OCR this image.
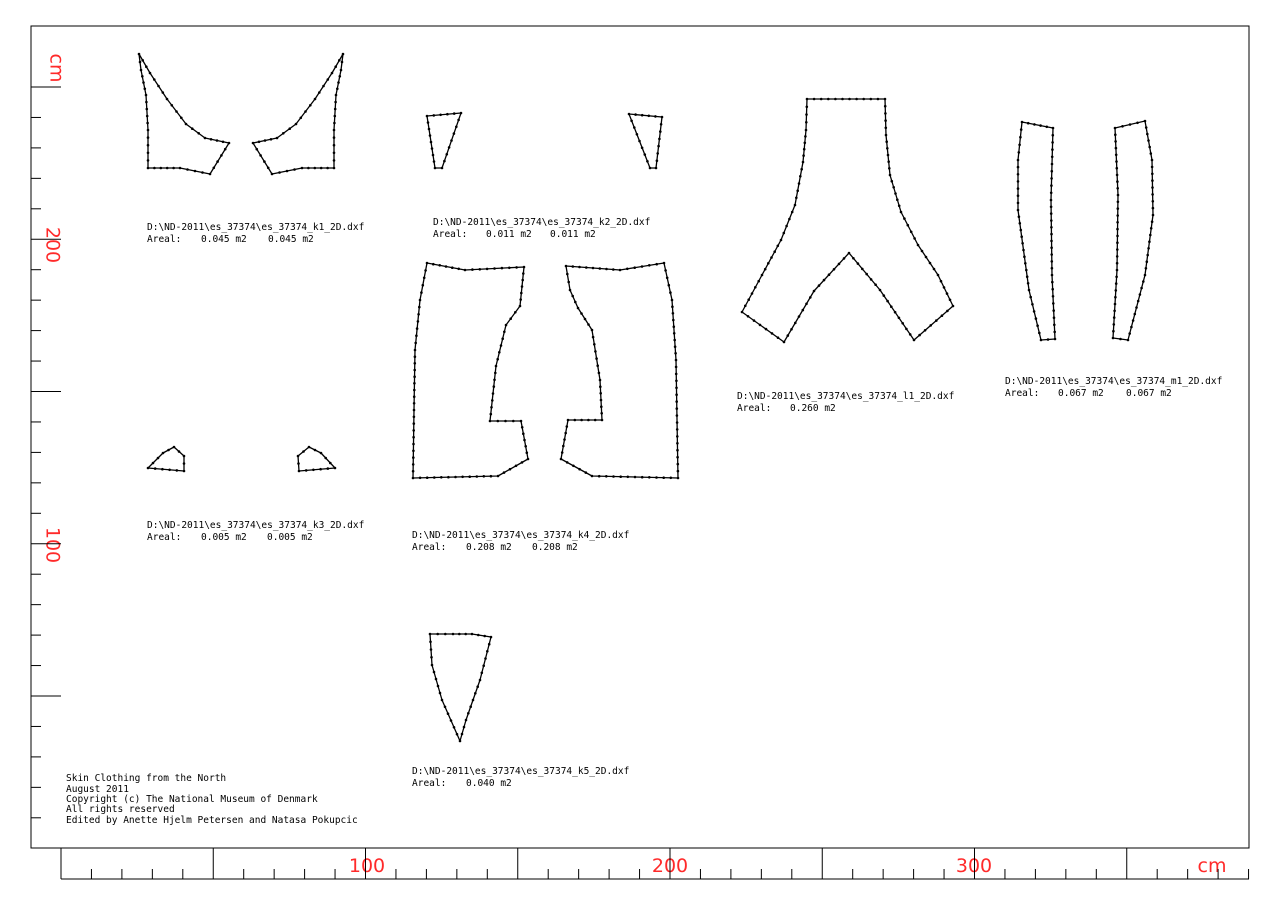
cm
200
100
100	200	300	cm
D:\ND-2011\es_37374\es_37374_k1_2D.dxf
Areal: 0.045 m2 0.045 m2
D:\ND-2011\es_37374\es_37374_k2_2D.dxf
Areal: 0.011 m2 0.011 m2
D:\ND-2011\es_37374\es_37374_l1_2D.dxf
Areal: 0.260 m2
D:\ND-2011\es_37374\es_37374_m1_2D.dxf
Areal: 0.067 m2 0.067 m2
D:\ND-2011\es_37374\es_37374_k3_2D.dxf
Areal: 0.005 m2 0.005 m2	D:\ND-2011\es_37374\es_37374_k4_2D.dxf
Areal: 0.208 m2 0.208 m2
D:\ND-2011\es_37374\es_37374_k5_2D.dxf
Areal: 0.040 m2
Skin Clothing from the North
August 2011
Copyright (c) The National Museum of Denmark
All rights reserved
Edited by Anette Hjelm Petersen and Natasa Pokupcic
